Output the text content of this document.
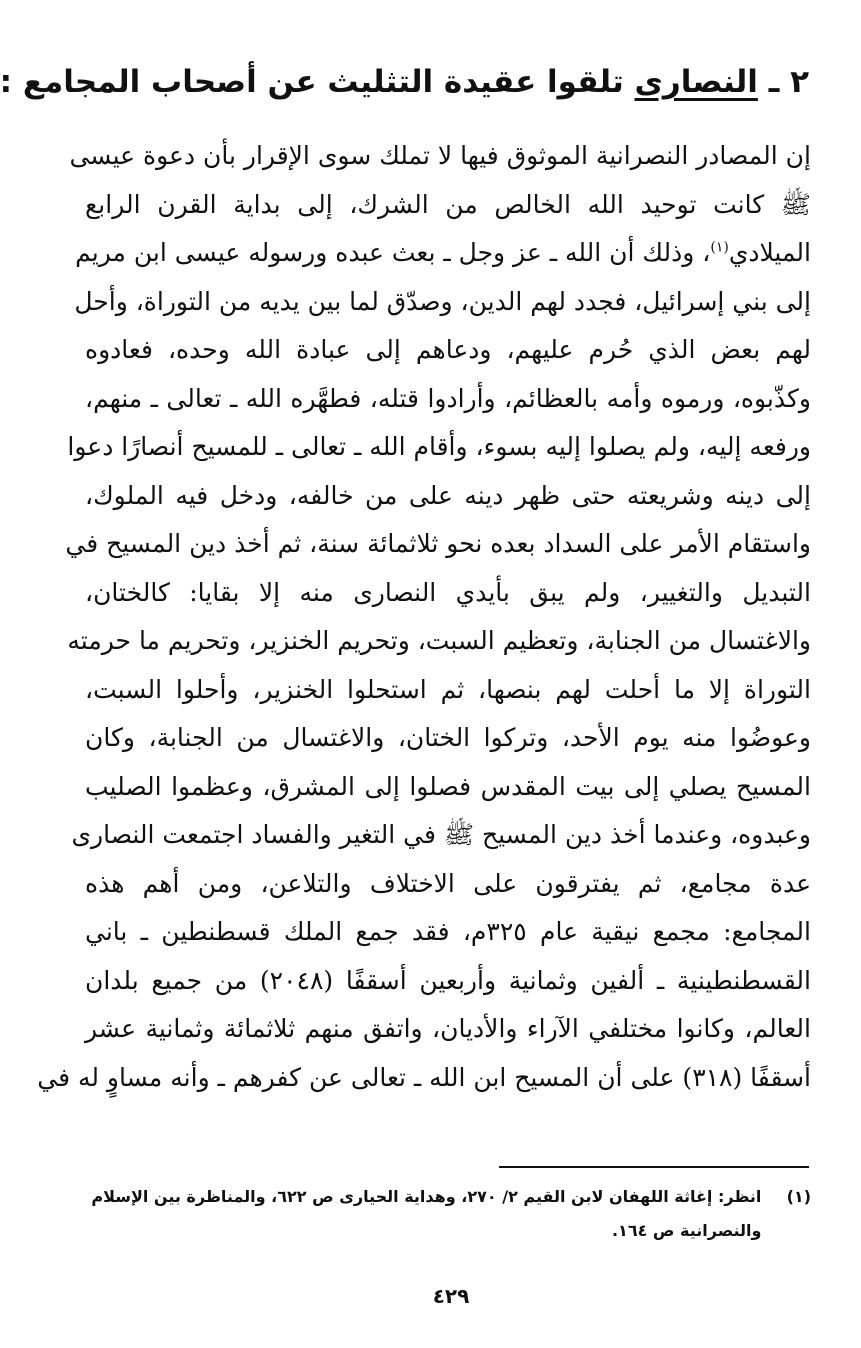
٢ ـ النصارى تلقوا عقيدة التثليث عن أصحاب المجامع :
إن المصادر النصرانية الموثوق فيها لا تملك سوى الإقرار بأن دعوة عيسى
ﷺ كانت توحيد الله الخالص من الشرك، إلى بداية القرن الرابع
الميلادي$^{(١)}$، وذلك أن الله ـ عز وجل ـ بعث عبده ورسوله عيسى ابن مريم
إلى بني إسرائيل، فجدد لهم الدين، وصدّق لما بين يديه من التوراة، وأحل
لهم بعض الذي حُرم عليهم، ودعاهم إلى عبادة الله وحده، فعادوه
وكذّبوه، ورموه وأمه بالعظائم، وأرادوا قتله، فطهَّره الله ـ تعالى ـ منهم،
ورفعه إليه، ولم يصلوا إليه بسوء، وأقام الله ـ تعالى ـ للمسيح أنصارًا دعوا
إلى دينه وشريعته حتى ظهر دينه على من خالفه، ودخل فيه الملوك،
واستقام الأمر على السداد بعده نحو ثلاثمائة سنة، ثم أخذ دين المسيح في
التبديل والتغيير، ولم يبق بأيدي النصارى منه إلا بقايا: كالختان،
والاغتسال من الجنابة، وتعظيم السبت، وتحريم الخنزير، وتحريم ما حرمته
التوراة إلا ما أحلت لهم بنصها، ثم استحلوا الخنزير، وأحلوا السبت،
وعوضُوا منه يوم الأحد، وتركوا الختان، والاغتسال من الجنابة، وكان
المسيح يصلي إلى بيت المقدس فصلوا إلى المشرق، وعظموا الصليب
وعبدوه، وعندما أخذ دين المسيح ﷺ في التغير والفساد اجتمعت النصارى
عدة مجامع، ثم يفترقون على الاختلاف والتلاعن، ومن أهم هذه
المجامع: مجمع نيقية عام ٣٢٥م، فقد جمع الملك قسطنطين ـ باني
القسطنطينية ـ ألفين وثمانية وأربعين أسقفًا (٢٠٤٨) من جميع بلدان
العالم، وكانوا مختلفي الآراء والأديان، واتفق منهم ثلاثمائة وثمانية عشر
أسقفًا (٣١٨) على أن المسيح ابن الله ـ تعالى عن كفرهم ـ وأنه مساوٍ له في
(١) انظر: إغاثة اللهفان لابن القيم ٢/ ٢٧٠، وهداية الحيارى ص ٦٢٢، والمناظرة بين الإسلام
والنصرانية ص ١٦٤.
٤٢٩
